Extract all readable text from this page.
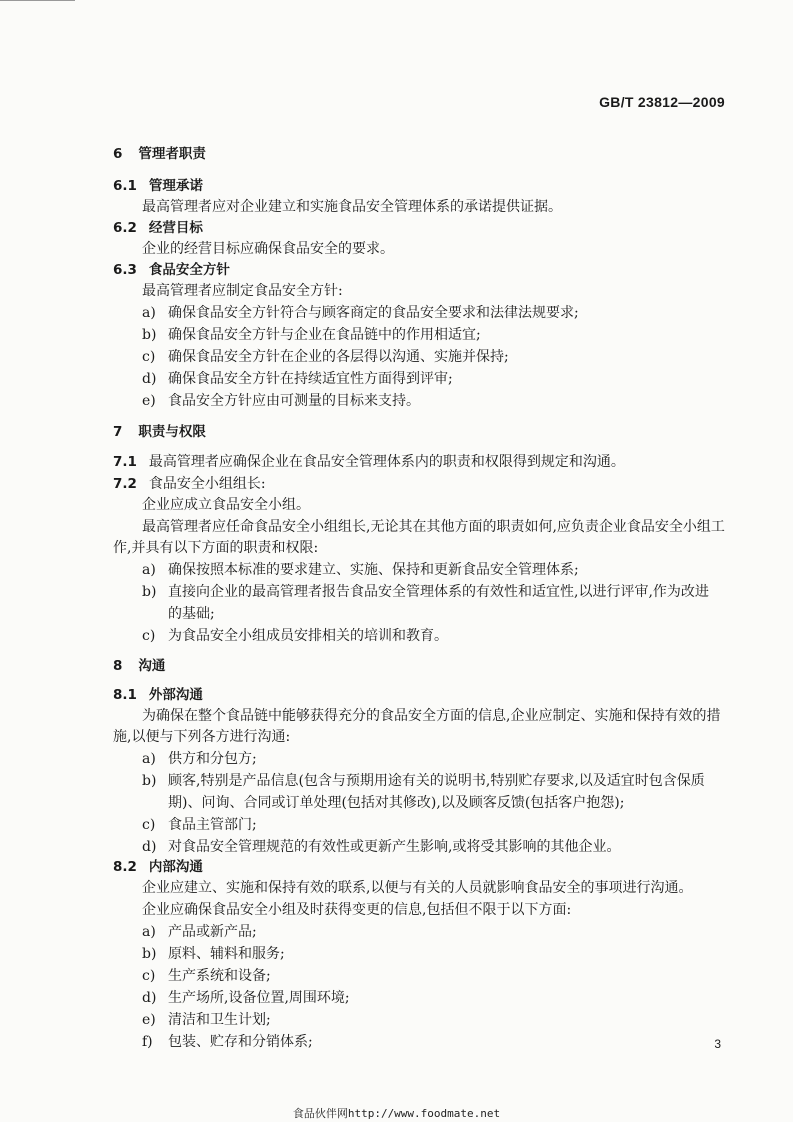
GB/T 23812—2009
6 管理者职责
6.1 管理承诺
最高管理者应对企业建立和实施食品安全管理体系的承诺提供证据。
6.2 经营目标
企业的经营目标应确保食品安全的要求。
6.3 食品安全方针
最高管理者应制定食品安全方针:
a) 确保食品安全方针符合与顾客商定的食品安全要求和法律法规要求;
b) 确保食品安全方针与企业在食品链中的作用相适宜;
c) 确保食品安全方针在企业的各层得以沟通、实施并保持;
d) 确保食品安全方针在持续适宜性方面得到评审;
e) 食品安全方针应由可测量的目标来支持。
7 职责与权限
7.1 最高管理者应确保企业在食品安全管理体系内的职责和权限得到规定和沟通。
7.2 食品安全小组组长:
企业应成立食品安全小组。
最高管理者应任命食品安全小组组长,无论其在其他方面的职责如何,应负责企业食品安全小组工
作,并具有以下方面的职责和权限:
a) 确保按照本标准的要求建立、实施、保持和更新食品安全管理体系;
b) 直接向企业的最高管理者报告食品安全管理体系的有效性和适宜性,以进行评审,作为改进
的基础;
c) 为食品安全小组成员安排相关的培训和教育。
8 沟通
8.1 外部沟通
为确保在整个食品链中能够获得充分的食品安全方面的信息,企业应制定、实施和保持有效的措
施,以便与下列各方进行沟通:
a) 供方和分包方;
b) 顾客,特别是产品信息(包含与预期用途有关的说明书,特别贮存要求,以及适宜时包含保质
期)、问询、合同或订单处理(包括对其修改),以及顾客反馈(包括客户抱怨);
c) 食品主管部门;
d) 对食品安全管理规范的有效性或更新产生影响,或将受其影响的其他企业。
8.2 内部沟通
企业应建立、实施和保持有效的联系,以便与有关的人员就影响食品安全的事项进行沟通。
企业应确保食品安全小组及时获得变更的信息,包括但不限于以下方面:
a) 产品或新产品;
b) 原料、辅料和服务;
c) 生产系统和设备;
d) 生产场所,设备位置,周围环境;
e) 清洁和卫生计划;
f) 包装、贮存和分销体系;	3
食品伙伴网http://www.foodmate.net
